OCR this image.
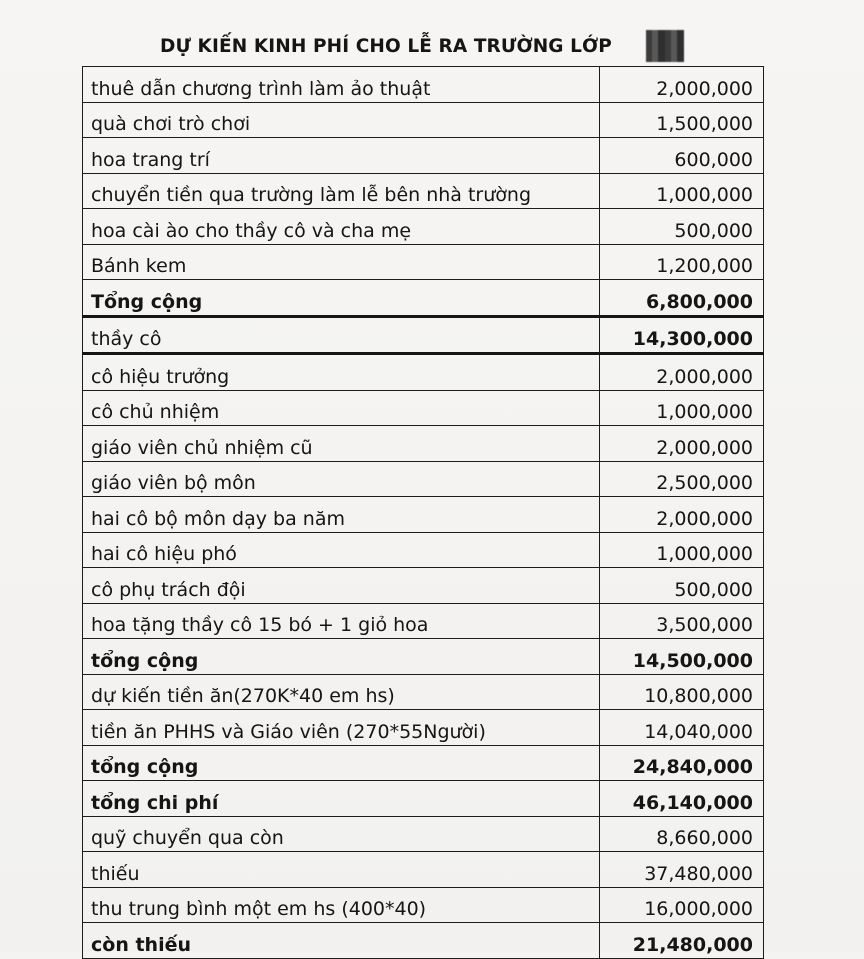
DỰ KIẾN KINH PHÍ CHO LỄ RA TRƯỜNG LỚP
thuê dẫn chương trình làm ảo thuật	2,000,000
quà chơi trò chơi	1,500,000
hoa trang trí	600,000
chuyển tiền qua trường làm lễ bên nhà trường	1,000,000
hoa cài ào cho thầy cô và cha mẹ	500,000
Bánh kem	1,200,000
Tổng cộng	6,800,000
thầy cô	14,300,000
cô hiệu trưởng	2,000,000
cô chủ nhiệm	1,000,000
giáo viên chủ nhiệm cũ	2,000,000
giáo viên bộ môn	2,500,000
hai cô bộ môn dạy ba năm	2,000,000
hai cô hiệu phó	1,000,000
cô phụ trách đội	500,000
hoa tặng thầy cô 15 bó + 1 giỏ hoa	3,500,000
tổng cộng	14,500,000
dự kiến tiền ăn(270K*40 em hs)	10,800,000
tiền ăn PHHS và Giáo viên (270*55Người)	14,040,000
tổng cộng	24,840,000
tổng chi phí	46,140,000
quỹ chuyển qua còn	8,660,000
thiếu	37,480,000
thu trung bình một em hs (400*40)	16,000,000
còn thiếu	21,480,000
